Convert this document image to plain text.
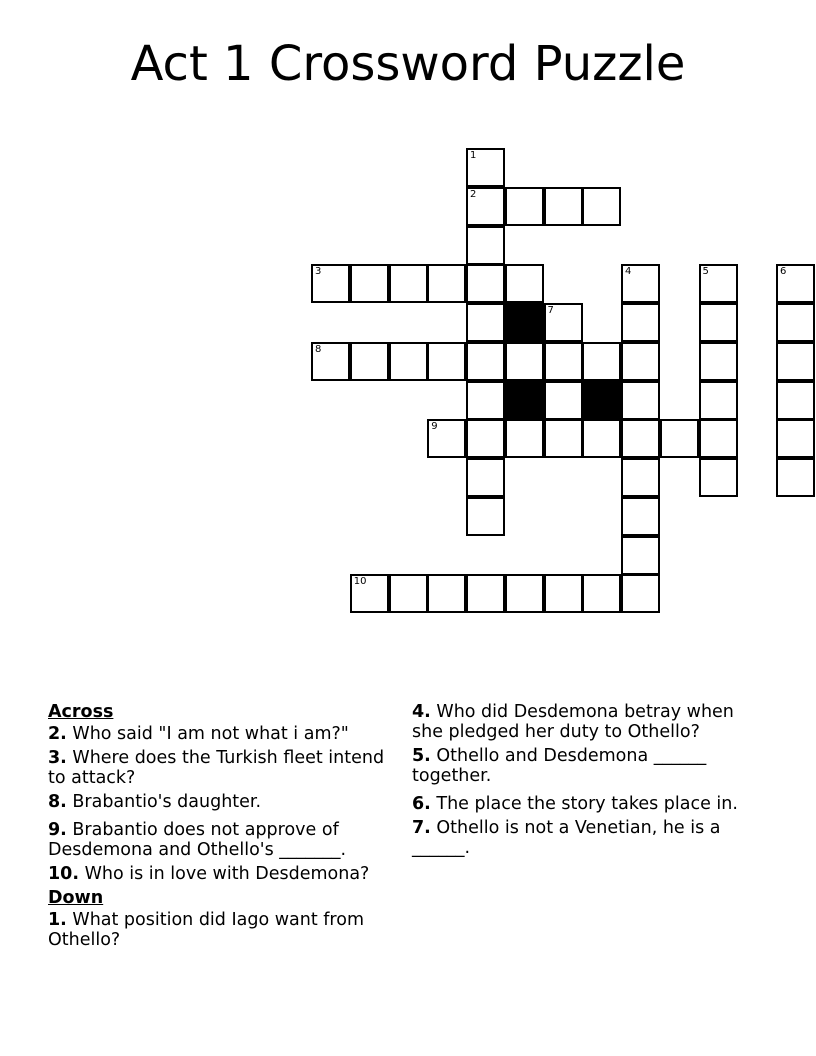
Act 1 Crossword Puzzle
1
2
3	4	5	6
7
8
9
10
Across
2. Who said "I am not what i am?"
3. Where does the Turkish fleet intend to attack?
8. Brabantio's daughter.
9. Brabantio does not approve of Desdemona and Othello's _______.
10. Who is in love with Desdemona?
Down
1. What position did Iago want from Othello?
4. Who did Desdemona betray when she pledged her duty to Othello?
5. Othello and Desdemona ______ together.
6. The place the story takes place in.
7. Othello is not a Venetian, he is a ______.
